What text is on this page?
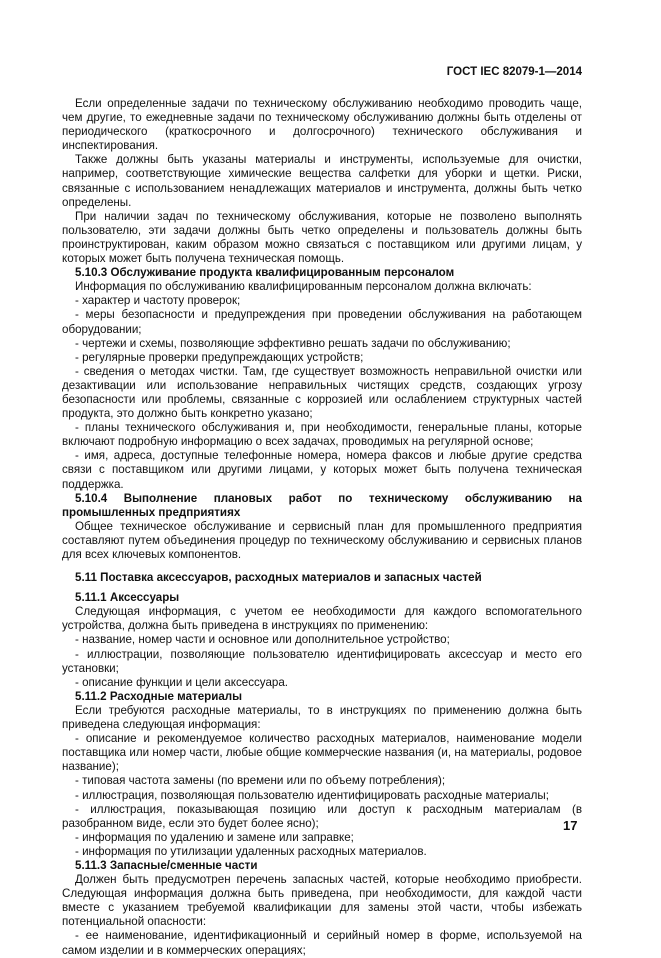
ГОСТ IEC 82079-1—2014

Если определенные задачи по техническому обслуживанию необходимо проводить чаще, чем другие, то ежедневные задачи по техническому обслуживанию должны быть отделены от периодического (краткосрочного и долгосрочного) технического обслуживания и инспектирования.

Также должны быть указаны материалы и инструменты, используемые для очистки, например, соответствующие химические вещества салфетки для уборки и щетки. Риски, связанные с использованием ненадлежащих материалов и инструмента, должны быть четко определены.

При наличии задач по техническому обслуживания, которые не позволено выполнять пользователю, эти задачи должны быть четко определены и пользователь должны быть проинструктирован, каким образом можно связаться с поставщиком или другими лицам, у которых может быть получена техническая помощь.

5.10.3 Обслуживание продукта квалифицированным персоналом

Информация по обслуживанию квалифицированным персоналом должна включать:

- характер и частоту проверок;

- меры безопасности и предупреждения при проведении обслуживания на работающем оборудовании;

- чертежи и схемы, позволяющие эффективно решать задачи по обслуживанию;

- регулярные проверки предупреждающих устройств;

- сведения о методах чистки. Там, где существует возможность неправильной очистки или дезактивации или использование неправильных чистящих средств, создающих угрозу безопасности или проблемы, связанные с коррозией или ослаблением структурных частей продукта, это должно быть конкретно указано;

- планы технического обслуживания и, при необходимости, генеральные планы, которые включают подробную информацию о всех задачах, проводимых на регулярной основе;

- имя, адреса, доступные телефонные номера, номера факсов и любые другие средства связи с поставщиком или другими лицами, у которых может быть получена техническая поддержка.

5.10.4 Выполнение плановых работ по техническому обслуживанию на промышленных предприятиях

Общее техническое обслуживание и сервисный план для промышленного предприятия составляют путем объединения процедур по техническому обслуживанию и сервисных планов для всех ключевых компонентов.

5.11 Поставка аксессуаров, расходных материалов и запасных частей

5.11.1 Аксессуары

Следующая информация, с учетом ее необходимости для каждого вспомогательного устройства, должна быть приведена в инструкциях по применению:

- название, номер части и основное или дополнительное устройство;

- иллюстрации, позволяющие пользователю идентифицировать аксессуар и место его установки;

- описание функции и цели аксессуара.

5.11.2 Расходные материалы

Если требуются расходные материалы, то в инструкциях по применению должна быть приведена следующая информация:

- описание и рекомендуемое количество расходных материалов, наименование модели поставщика или номер части, любые общие коммерческие названия (и, на материалы, родовое название);

- типовая частота замены (по времени или по объему потребления);

- иллюстрация, позволяющая пользователю идентифицировать расходные материалы;

- иллюстрация, показывающая позицию или доступ к расходным материалам (в разобранном виде, если это будет более ясно);

- информация по удалению и замене или заправке;

- информация по утилизации удаленных расходных материалов.

5.11.3 Запасные/сменные части

Должен быть предусмотрен перечень запасных частей, которые необходимо приобрести. Следующая информация должна быть приведена, при необходимости, для каждой части вместе с указанием требуемой квалификации для замены этой части, чтобы избежать потенциальной опасности:

- ее наименование, идентификационный и серийный номер в форме, используемой на самом изделии и в коммерческих операциях;

17
